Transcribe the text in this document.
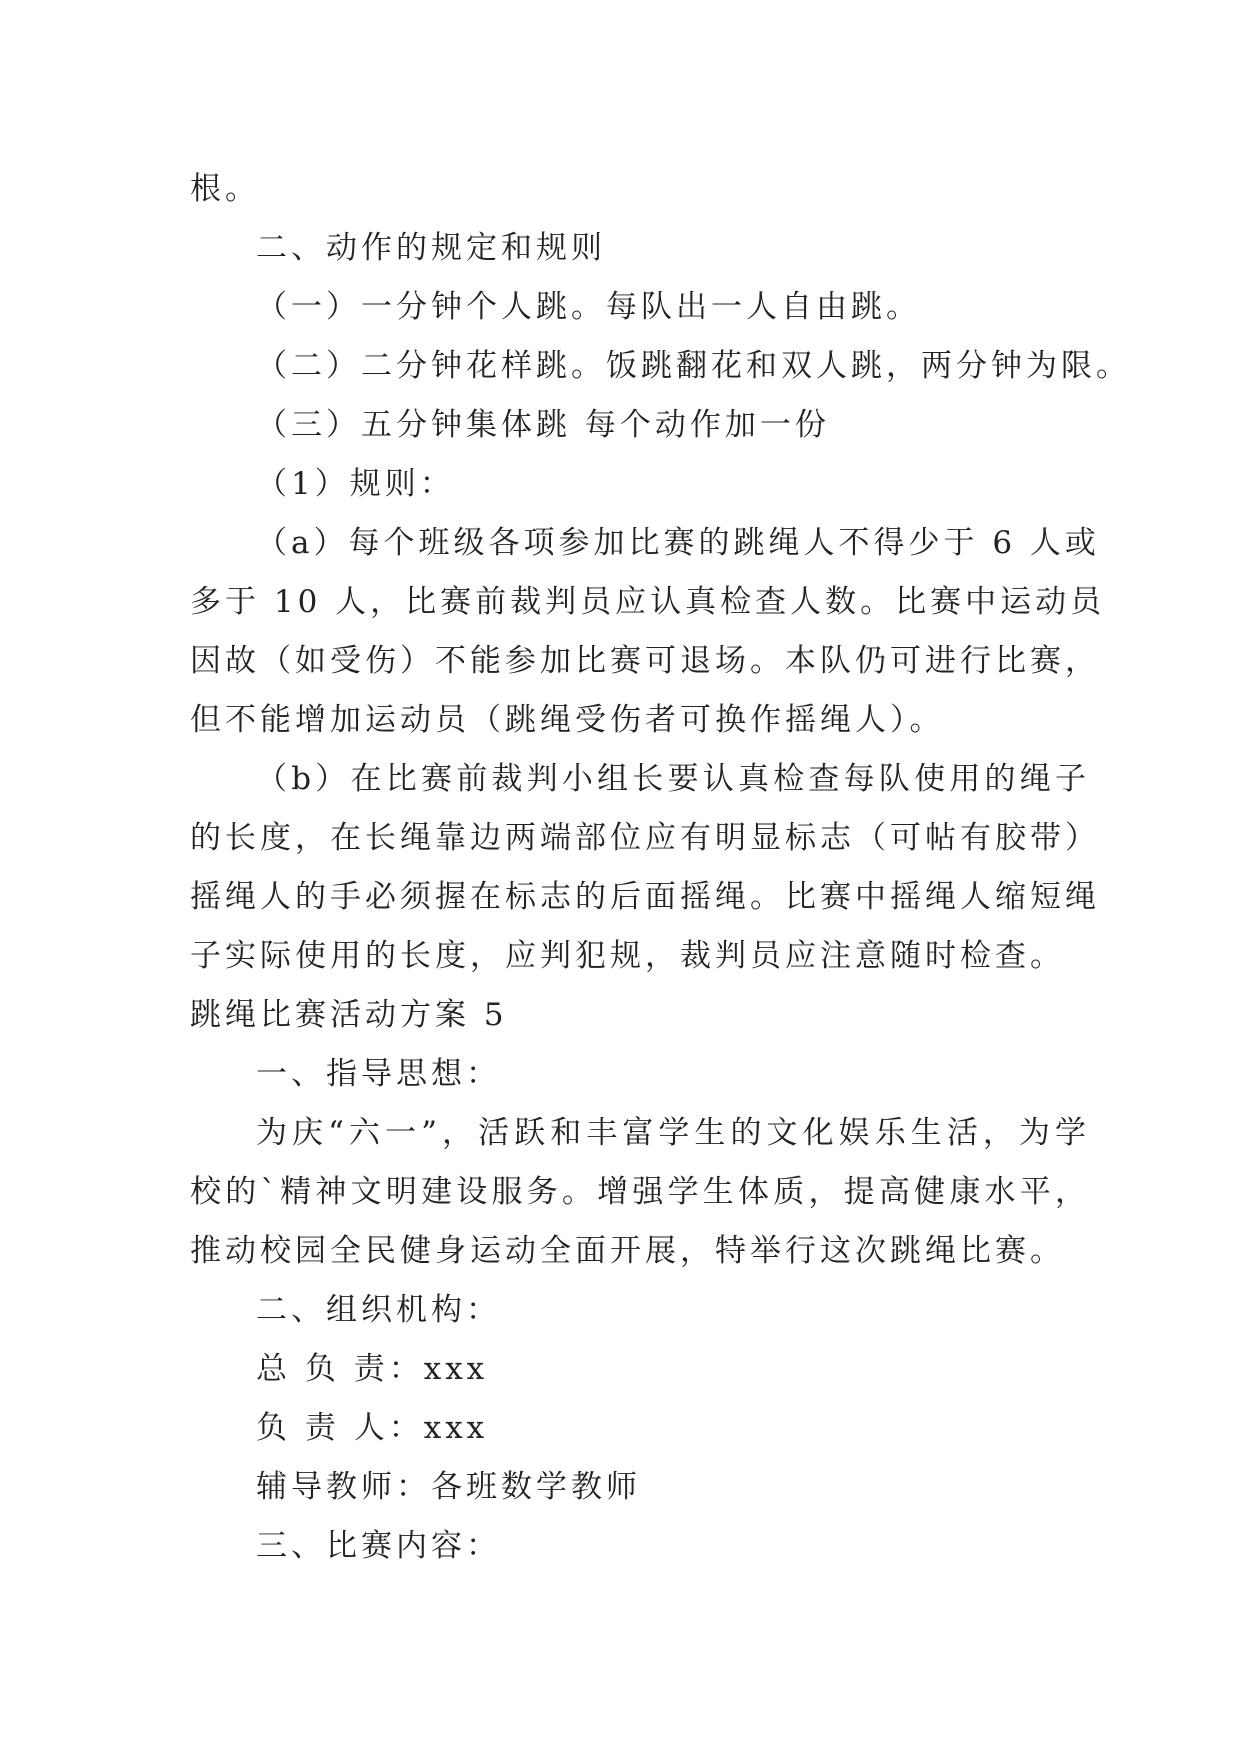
根。

二、动作的规定和规则

（一）一分钟个人跳。每队出一人自由跳。

（二）二分钟花样跳。饭跳翻花和双人跳，两分钟为限。

（三）五分钟集体跳 每个动作加一份

（1）规则：

（a）每个班级各项参加比赛的跳绳人不得少于 6 人或

多于 10 人，比赛前裁判员应认真检查人数。比赛中运动员

因故（如受伤）不能参加比赛可退场。本队仍可进行比赛，

但不能增加运动员（跳绳受伤者可换作摇绳人）。

（b）在比赛前裁判小组长要认真检查每队使用的绳子

的长度，在长绳靠边两端部位应有明显标志（可帖有胶带）

摇绳人的手必须握在标志的后面摇绳。比赛中摇绳人缩短绳

子实际使用的长度，应判犯规，裁判员应注意随时检查。

跳绳比赛活动方案 5

一、指导思想：

为庆“六一”，活跃和丰富学生的文化娱乐生活，为学

校的`精神文明建设服务。增强学生体质，提高健康水平，

推动校园全民健身运动全面开展，特举行这次跳绳比赛。

二、组织机构：

总 负 责：xxx

负 责 人：xxx

辅导教师：各班数学教师

三、比赛内容：
